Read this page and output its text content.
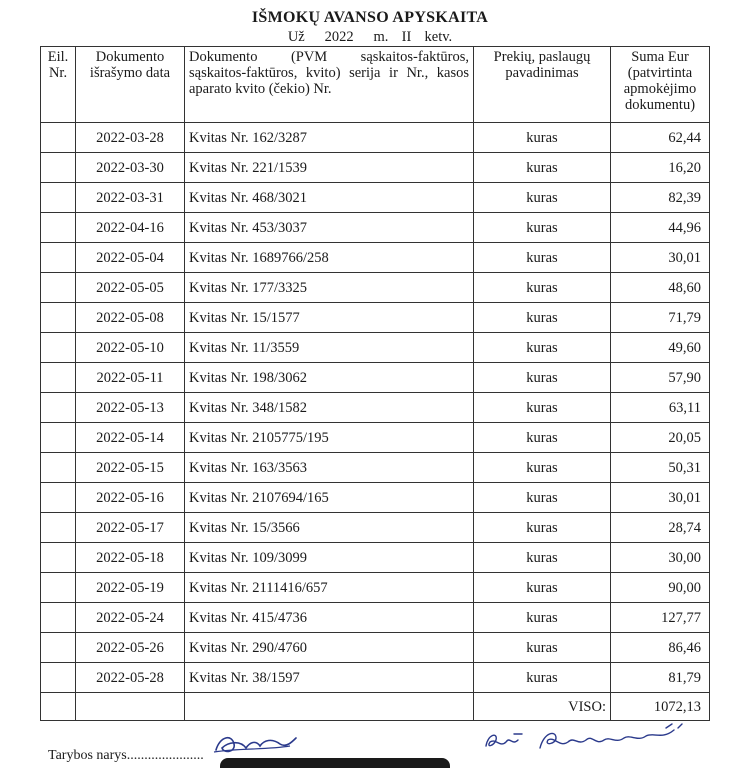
IŠMOKŲ AVANSO APYSKAITA
Už   2022   m.  II  ketv.
Eil. Nr.	Dokumento išrašymo data	Dokumento (PVM sąskaitos-faktūros, sąskaitos-faktūros, kvito) serija ir Nr., kasos aparato kvito (čekio) Nr.	Prekių, paslaugų pavadinimas	Suma Eur (patvirtinta apmokėjimo dokumentu)
	2022-03-28	Kvitas Nr. 162/3287	kuras	62,44
	2022-03-30	Kvitas Nr. 221/1539	kuras	16,20
	2022-03-31	Kvitas Nr. 468/3021	kuras	82,39
	2022-04-16	Kvitas Nr. 453/3037	kuras	44,96
	2022-05-04	Kvitas Nr. 1689766/258	kuras	30,01
	2022-05-05	Kvitas Nr. 177/3325	kuras	48,60
	2022-05-08	Kvitas Nr. 15/1577	kuras	71,79
	2022-05-10	Kvitas Nr. 11/3559	kuras	49,60
	2022-05-11	Kvitas Nr. 198/3062	kuras	57,90
	2022-05-13	Kvitas Nr. 348/1582	kuras	63,11
	2022-05-14	Kvitas Nr. 2105775/195	kuras	20,05
	2022-05-15	Kvitas Nr. 163/3563	kuras	50,31
	2022-05-16	Kvitas Nr. 2107694/165	kuras	30,01
	2022-05-17	Kvitas Nr. 15/3566	kuras	28,74
	2022-05-18	Kvitas Nr. 109/3099	kuras	30,00
	2022-05-19	Kvitas Nr. 2111416/657	kuras	90,00
	2022-05-24	Kvitas Nr. 415/4736	kuras	127,77
	2022-05-26	Kvitas Nr. 290/4760	kuras	86,46
	2022-05-28	Kvitas Nr. 38/1597	kuras	81,79
			VISO:	1072,13
Tarybos narys......................
